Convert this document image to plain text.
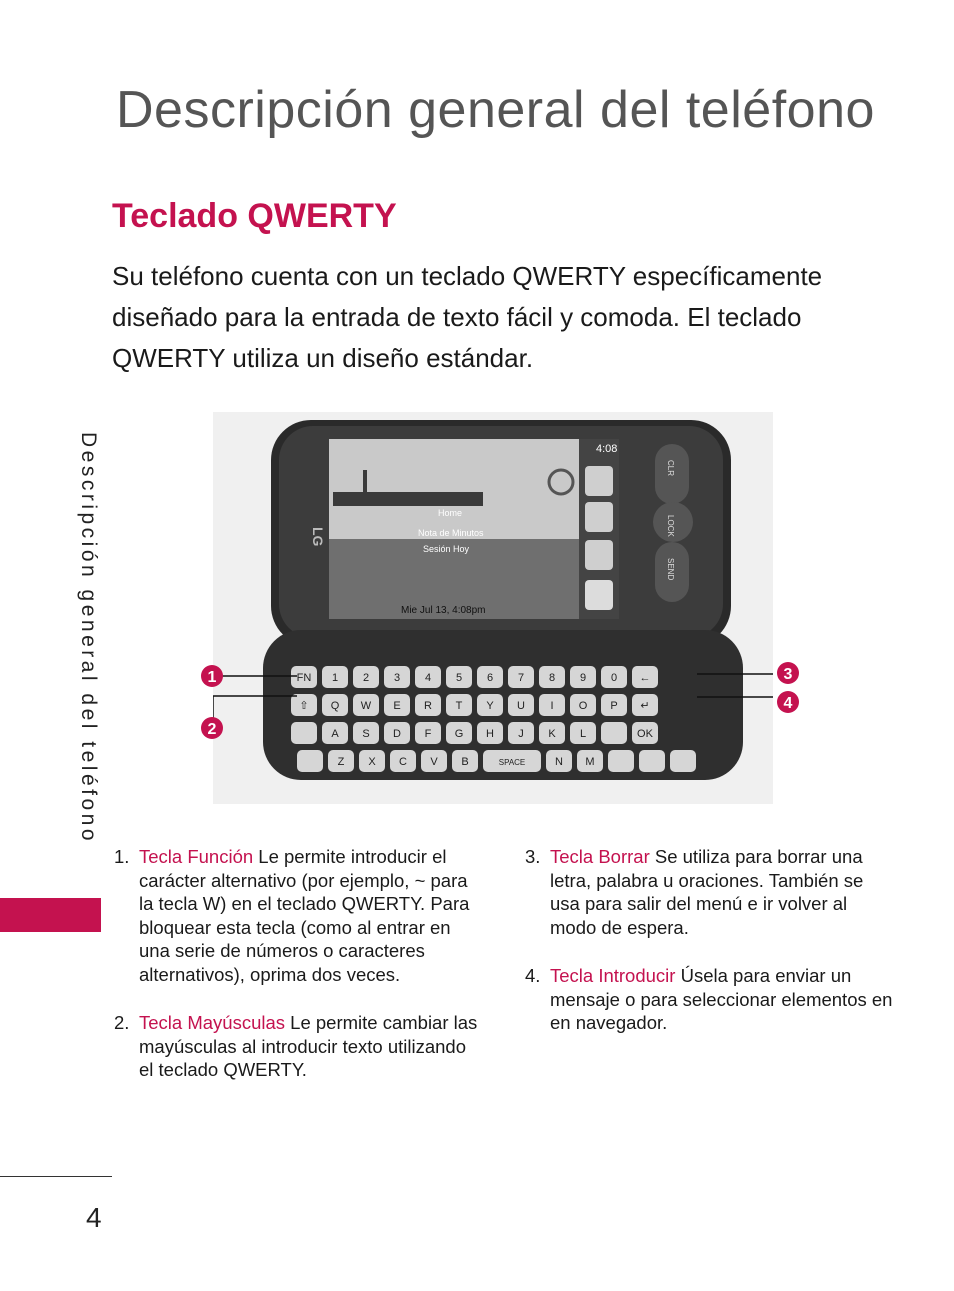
Descripción general del teléfono
Teclado QWERTY

Su teléfono cuenta con un teclado QWERTY específicamente diseñado para la entrada de texto fácil y comoda. El teclado QWERTY utiliza un diseño estándar.

Descripción general del teléfono	4:08
Home
Nota de Minutos
Sesión Hoy
Mie Jul 13, 4:08pm
LG
CLR
LOCK
SEND
FN 1 2 3 4 5 6 7 8 9 0 ←
⇧ Q W E R T Y U I O P ↵
A S D F G H J K L	OK
Z X C V B	SPACE	N M
1
2
3
4
1. Tecla Función Le permite introducir el carácter alternativo (por ejemplo, ~ para la tecla W) en el teclado QWERTY. Para bloquear esta tecla (como al entrar en una serie de números o caracteres alternativos), oprima dos veces.
2. Tecla Mayúsculas Le permite cambiar las mayúsculas al introducir texto utilizando el teclado QWERTY.
3. Tecla Borrar Se utiliza para borrar una letra, palabra u oraciones. También se usa para salir del menú e ir volver al modo de espera.
4. Tecla Introducir Úsela para enviar un mensaje o para seleccionar elementos en en navegador.
4
